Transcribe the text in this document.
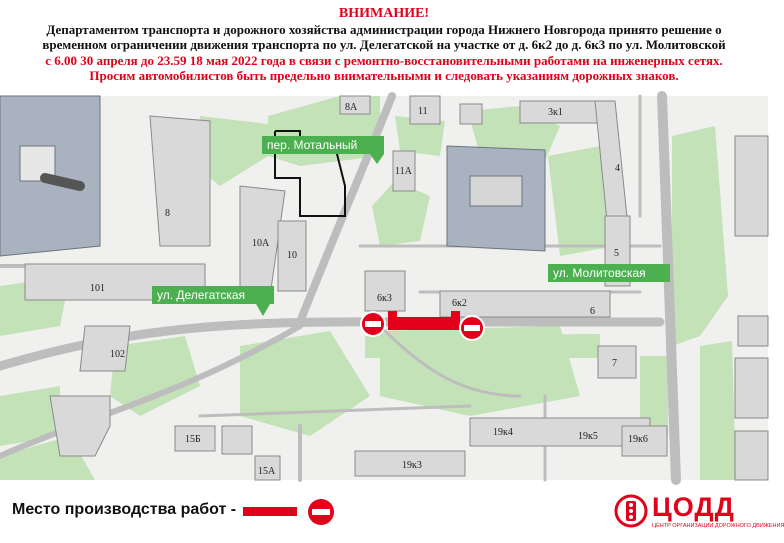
ВНИМАНИЕ!
Департаментом транспорта и дорожного хозяйства администрации города Нижнего Новгорода принято решение о
временном ограничении движения транспорта по ул. Делегатской на участке от д. 6к2 до д. 6к3 по ул. Молитовской
с 6.00 30 апреля до 23.59 18 мая 2022 года в связи с ремонтно-восстановительными работами на инженерных сетях.
Просим автомобилистов быть предельно внимательными и следовать указаниям дорожных знаков.
8А	11	3к1
11А	4
8
10А
10	5
101
6к3	6к2
6
102
7
19к4	19к5	19к6
15Б
19к3
15А
пер. Мотальный
ул. Делегатская
ул. Молитовская
Место производства работ -	ЦОДД
ЦЕНТР ОРГАНИЗАЦИИ ДОРОЖНОГО ДВИЖЕНИЯ
